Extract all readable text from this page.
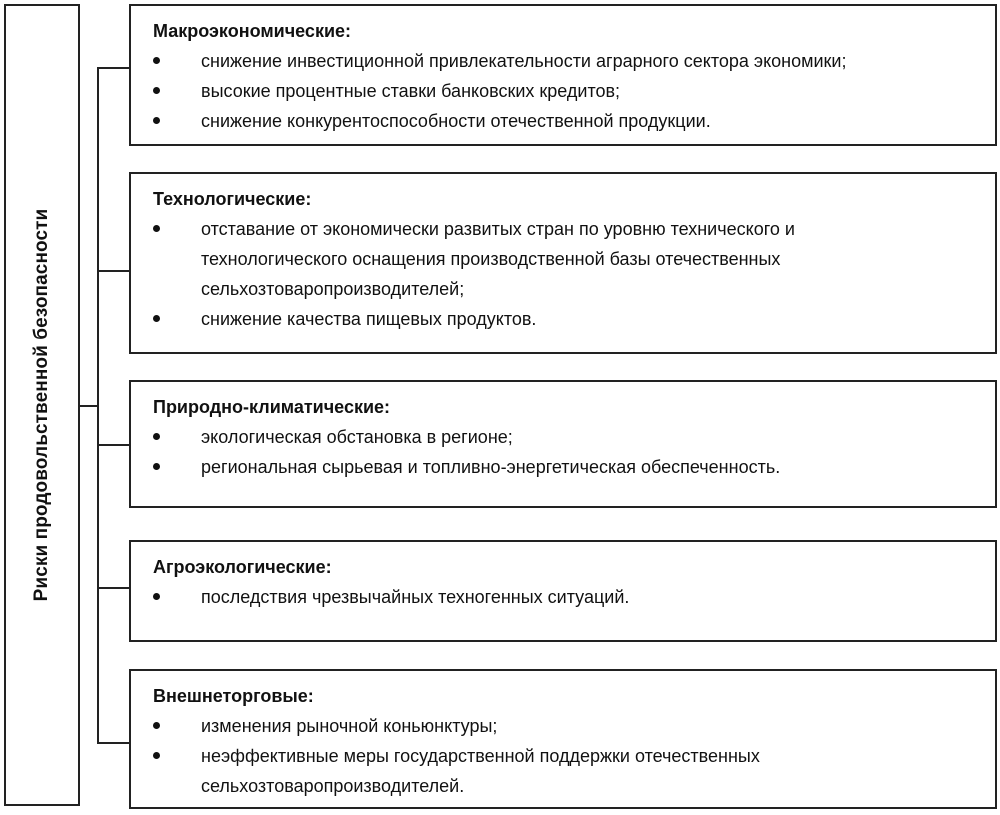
Риски продовольственной безопасности
Макроэкономические:
снижение инвестиционной привлекательности аграрного сектора экономики;
высокие процентные ставки банковских кредитов;
снижение конкурентоспособности отечественной продукции.
Технологические:
отставание от экономически развитых стран по уровню технического и технологического оснащения производственной базы отечественных сельхозтоваропроизводителей;
снижение качества пищевых продуктов.
Природно-климатические:
экологическая обстановка в регионе;
региональная сырьевая и топливно-энергетическая обеспеченность.
Агроэкологические:
последствия чрезвычайных техногенных ситуаций.
Внешнеторговые:
изменения рыночной коньюнктуры;
неэффективные меры государственной поддержки отечественных сельхозтоваропроизводителей.
